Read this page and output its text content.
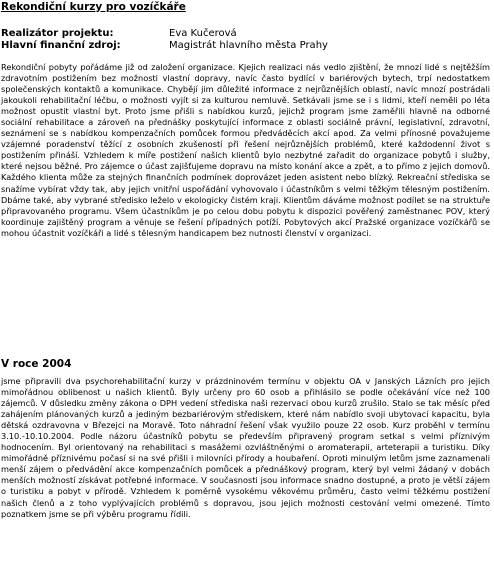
Rekondiční kurzy pro vozíčkáře
Realizátor projektu:	Eva Kučerová
Hlavní finanční zdroj:	Magistrát hlavního města Prahy

Rekondiční pobyty pořádáme již od založení organizace. Kjejich realizaci nás vedlo zjištění, že mnozí lidé s nejtěžším zdravotním postižením bez možnosti vlastní dopravy, navíc často bydlící v bariérových bytech, trpí nedostatkem společenských kontaktů a komunikace. Chybějí jim důležité informace z nejrůznějších oblastí, navíc mnozí postrádali jakoukoli rehabilitační léčbu, o možnosti vyjít si za kulturou nemluvě. Setkávali jsme se i s lidmi, kteří neměli po léta možnost opustit vlastní byt. Proto jsme přišli s nabídkou kurzů, jejichž program jsme zaměřili hlavně na odborné sociální rehabilitace a zároveň na přednášky poskytující informace z oblasti sociálně právní, legislativní, zdravotní, seznámení se s nabídkou kompenzačních pomůcek formou předváděcích akcí apod. Za velmi přínosné považujeme vzájemné poradenství těžící z osobních zkušeností při řešení nejrůznějších problémů, které každodenní život s postižením přináší. Vzhledem k míře postižení našich klientů bylo nezbytné zařadit do organizace pobytů i služby, které nejsou běžné. Pro zájemce o účast zajišťujeme dopravu na místo konání akce a zpět, a to přímo z jejich domovů. Každého klienta může za stejných finančních podmínek doprovázet jeden asistent nebo blízký. Rekreační střediska se snažíme vybírat vždy tak, aby jejich vnitřní uspořádání vyhovovalo i účastníkům s velmi těžkým tělesným postižením. Dbáme také, aby vybrané středisko leželo v ekologicky čistém kraji. Klientům dáváme možnost podílet se na struktuře připravovaného programu. Všem účastníkům je po celou dobu pobytu k dispozici pověřený zaměstnanec POV, který koordinuje zajištěný program a věnuje se řešení případných potíží. Pobytových akcí Pražské organizace vozíčkářů se mohou účastnit vozíčkáři a lidé s tělesným handicapem bez nutnosti členství v organizaci.

V roce 2004

jsme připravili dva psychorehabilitační kurzy v prázdninovém termínu v objektu OA v Janských Lázních pro jejich mimořádnou oblibenost u našich klientů. Byly určeny pro 60 osob a přihlásilo se podle očekávání více než 100 zájemců. V důsledku změny zákona o DPH vedení střediska naši rezervaci obou kurzů zrušilo. Stalo se tak měsíc před zahájením plánovaných kurzů a jediným bezbariérovým střediskem, které nám nabídlo svoji ubytovací kapacitu, byla dětská ozdravovna v Březejci na Moravě. Toto náhradní řešení však využilo pouze 22 osob. Kurz proběhl v termínu 3.10.-10.10.2004. Podle názoru účastníků pobytu se především připravený program setkal s velmi příznivým hodnocením. Byl orientovaný na rehabilitaci s masážemi ozvláštněnými o aromaterapii, arteterapii a turistiku. Díky mimořádně příznivému počasí si na své přišli i milovníci přírody a houbaření. Oproti minulým letům jsme zaznamenali menší zájem o předvádění akce kompenzačních pomůcek a přednáškový program, který byl velmi žádaný v dobách menších možností získávat potřebné informace. V současnosti jsou informace snadno dostupné, a proto je větší zájem o turistiku a pobyt v přírodě. Vzhledem k poměrně vysokému věkovému průměru, často velmi těžkému postižení našich členů a z toho vyplývajících problémů s dopravou, jsou jejich možnosti cestování velmi omezené. Tímto poznatkem jsme se při výběru programu řídili.
